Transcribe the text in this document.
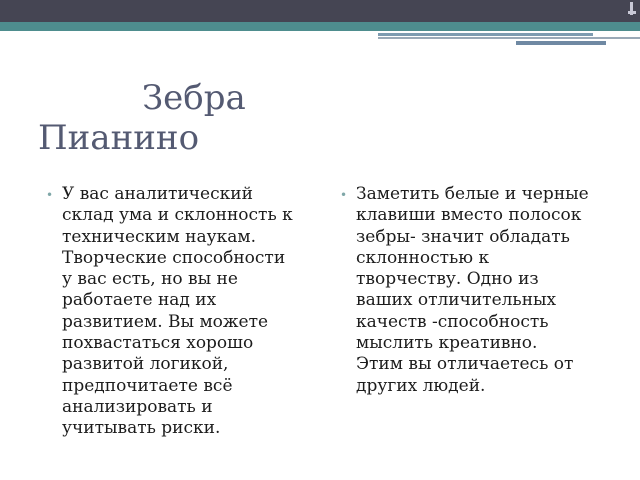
Зебра
Пианино
• У вас аналитический
склад ума и склонность к
техническим наукам.
Творческие способности
у вас есть, но вы не
работаете над их
развитием. Вы можете
похвастаться хорошо
развитой логикой,
предпочитаете всё
анализировать и
учитывать риски.
• Заметить белые и черные
клавиши вместо полосок
зебры- значит обладать
склонностью к
творчеству. Одно из
ваших отличительных
качеств -способность
мыслить креативно.
Этим вы отличаетесь от
других людей.
